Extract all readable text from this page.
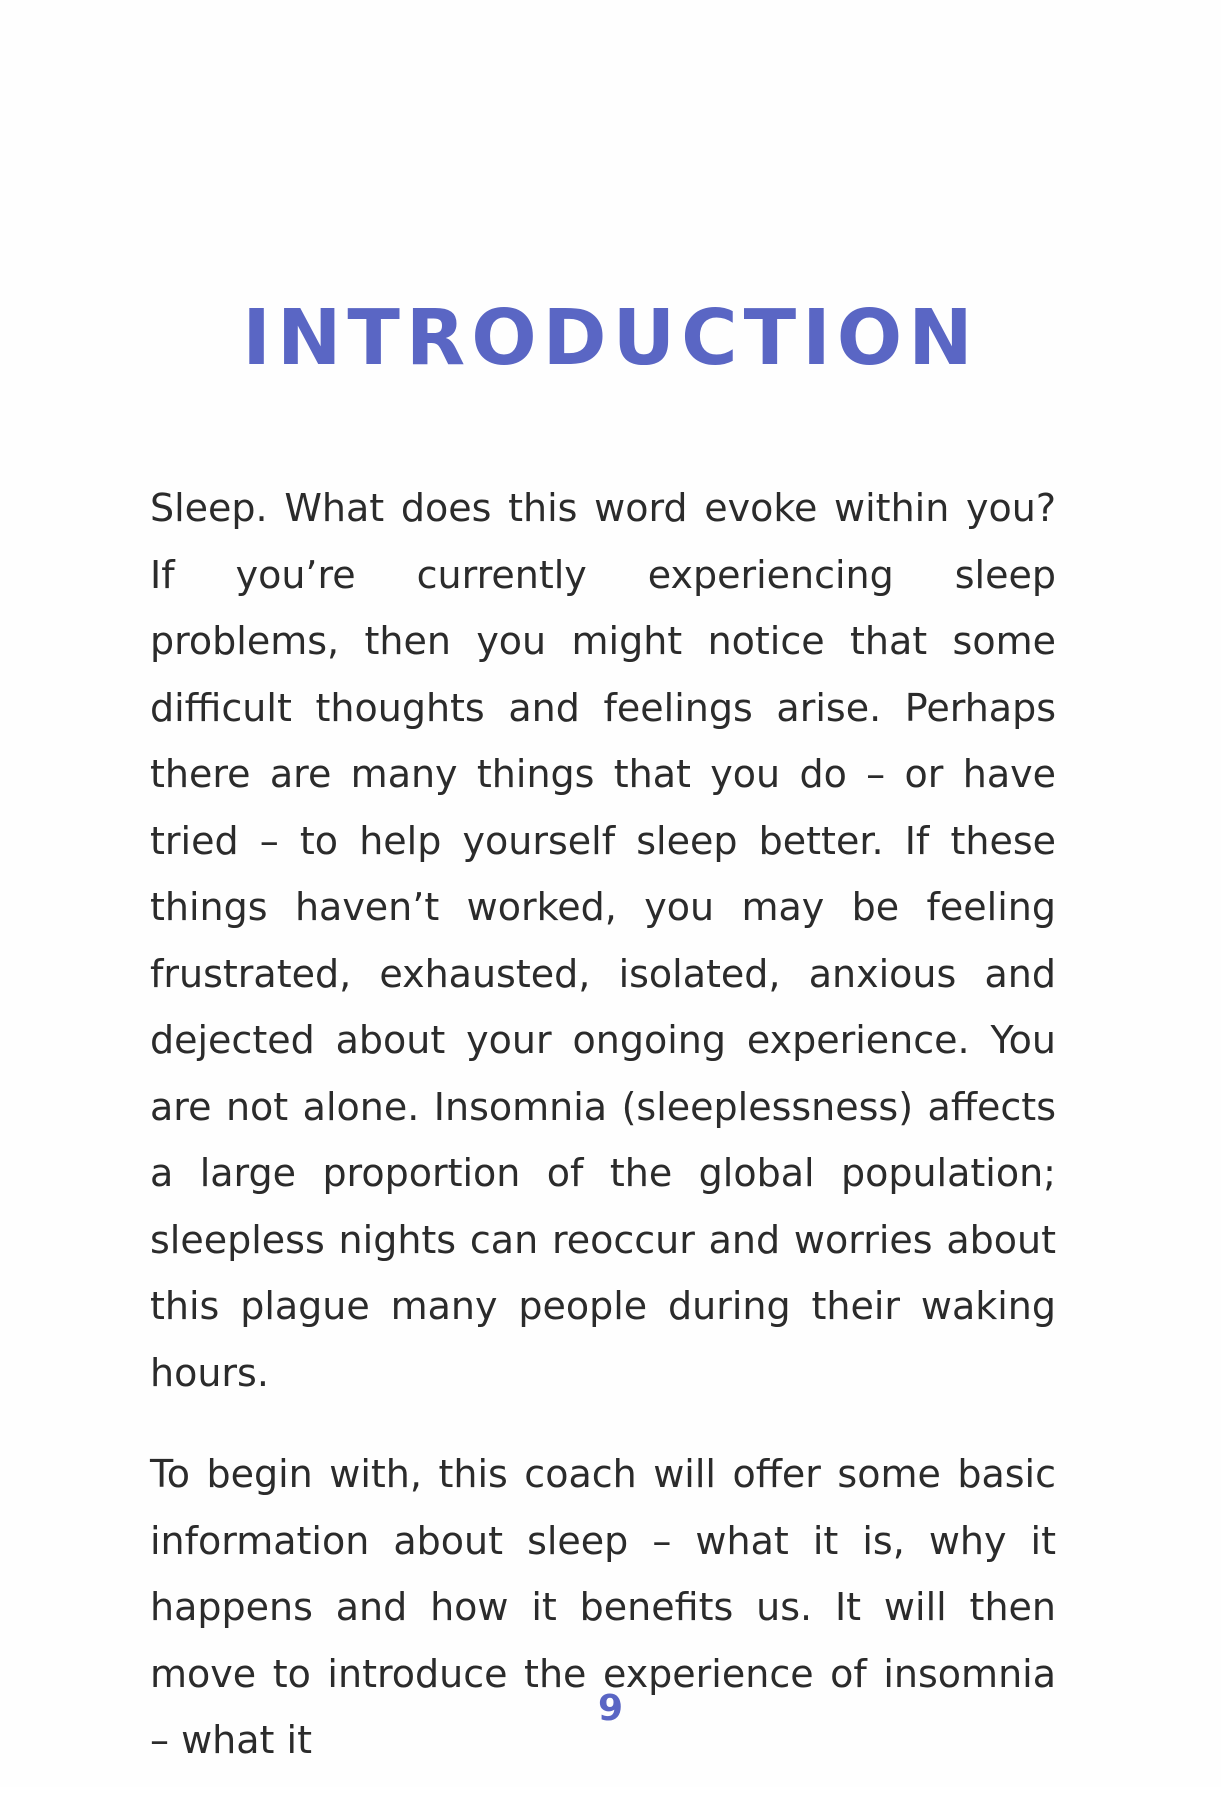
INTRODUCTION

Sleep. What does this word evoke within you? If you’re currently experiencing sleep problems, then you might notice that some difficult thoughts and feelings arise. Perhaps there are many things that you do – or have tried – to help yourself sleep better. If these things haven’t worked, you may be feeling frustrated, exhausted, isolated, anxious and dejected about your ongoing experience. You are not alone. Insomnia (sleeplessness) affects a large proportion of the global population; sleepless nights can reoccur and worries about this plague many people during their waking hours.

To begin with, this coach will offer some basic information about sleep – what it is, why it happens and how it benefits us. It will then move to introduce the experience of insomnia – what it

9
